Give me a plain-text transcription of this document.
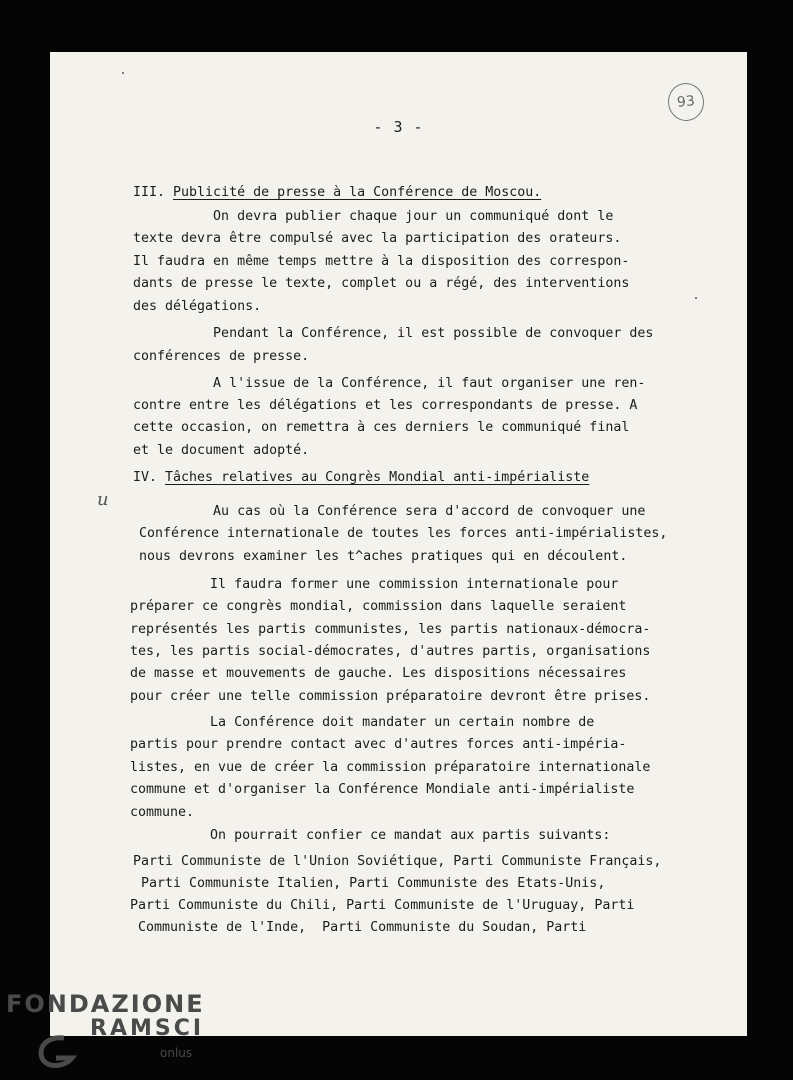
- 3 -
93
u
III. Publicité de presse à la Conférence de Moscou.
On devra publier chaque jour un communiqué dont le
texte devra être compulsé avec la participation des orateurs.
Il faudra en même temps mettre à la disposition des correspon-
dants de presse le texte, complet ou a régé, des interventions
des délégations.
Pendant la Conférence, il est possible de convoquer des
conférences de presse.
A l'issue de la Conférence, il faut organiser une ren-
contre entre les délégations et les correspondants de presse. A
cette occasion, on remettra à ces derniers le communiqué final
et le document adopté.
IV. Tâches relatives au Congrès Mondial anti-impérialiste
Au cas où la Conférence sera d'accord de convoquer une
Conférence internationale de toutes les forces anti-impérialistes,
nous devrons examiner les t^aches pratiques qui en découlent.
Il faudra former une commission internationale pour
préparer ce congrès mondial, commission dans laquelle seraient
représentés les partis communistes, les partis nationaux-démocra-
tes, les partis social-démocrates, d'autres partis, organisations
de masse et mouvements de gauche. Les dispositions nécessaires
pour créer une telle commission préparatoire devront être prises.
La Conférence doit mandater un certain nombre de
partis pour prendre contact avec d'autres forces anti-impéria-
listes, en vue de créer la commission préparatoire internationale
commune et d'organiser la Conférence Mondiale anti-impérialiste
commune.
On pourrait confier ce mandat aux partis suivants:
Parti Communiste de l'Union Soviétique, Parti Communiste Français,
Parti Communiste Italien, Parti Communiste des Etats-Unis,
Parti Communiste du Chili, Parti Communiste de l'Uruguay, Parti
Communiste de l'Inde,  Parti Communiste du Soudan, Parti
FONDAZIONE
RAMSCI
onlus
